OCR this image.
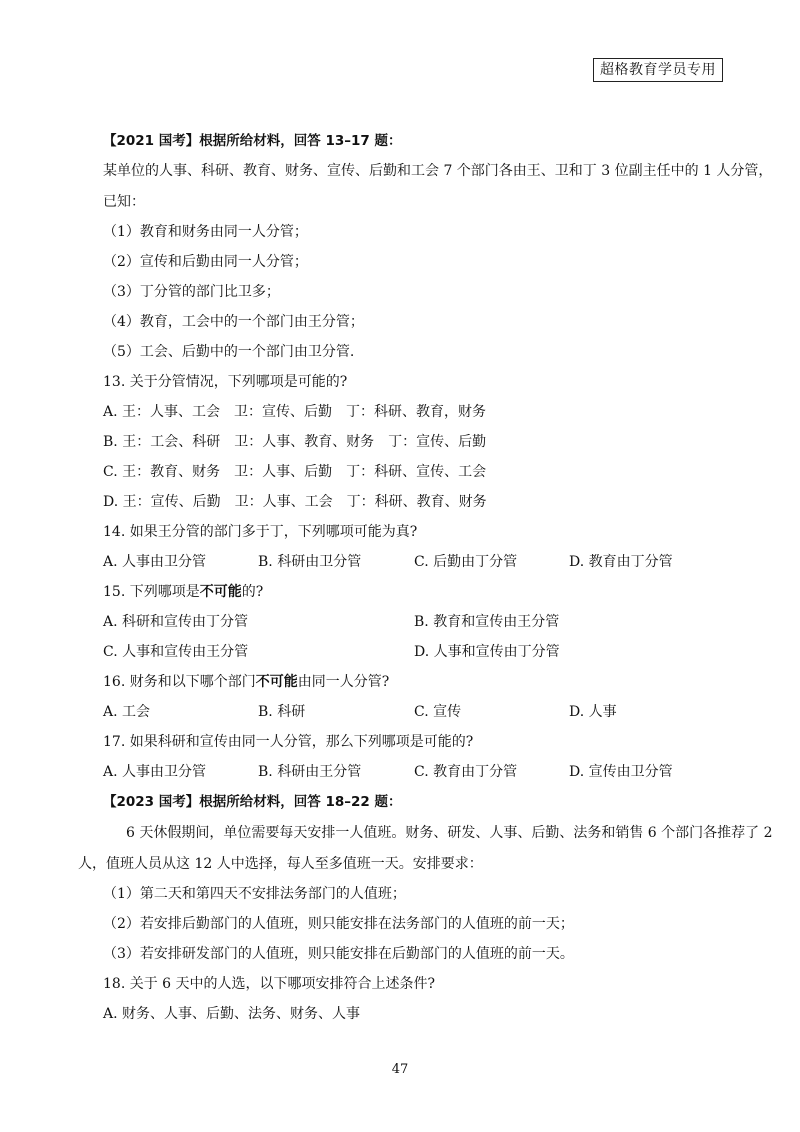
超格教育学员专用
【2021 国考】根据所给材料，回答 13–17 题：
某单位的人事、科研、教育、财务、宣传、后勤和工会 7 个部门各由王、卫和丁 3 位副主任中的 1 人分管，
已知：
（1）教育和财务由同一人分管；
（2）宣传和后勤由同一人分管；
（3）丁分管的部门比卫多；
（4）教育，工会中的一个部门由王分管；
（5）工会、后勤中的一个部门由卫分管.
13. 关于分管情况，下列哪项是可能的?
A. 王：人事、工会　卫：宣传、后勤　丁：科研、教育，财务
B. 王：工会、科研　卫：人事、教育、财务　丁：宣传、后勤
C. 王：教育、财务　卫：人事、后勤　丁：科研、宣传、工会
D. 王：宣传、后勤　卫：人事、工会　丁：科研、教育、财务
14. 如果王分管的部门多于丁，下列哪项可能为真?
A. 人事由卫分管	B. 科研由卫分管	C. 后勤由丁分管	D. 教育由丁分管
15. 下列哪项是不可能的?
A. 科研和宣传由丁分管	B. 教育和宣传由王分管
C. 人事和宣传由王分管	D. 人事和宣传由丁分管
16. 财务和以下哪个部门不可能由同一人分管?
A. 工会	B. 科研	C. 宣传	D. 人事
17. 如果科研和宣传由同一人分管，那么下列哪项是可能的?
A. 人事由卫分管	B. 科研由王分管	C. 教育由丁分管	D. 宣传由卫分管
【2023 国考】根据所给材料，回答 18–22 题：
6 天休假期间，单位需要每天安排一人值班。财务、研发、人事、后勤、法务和销售 6 个部门各推荐了 2
人，值班人员从这 12 人中选择，每人至多值班一天。安排要求：
（1）第二天和第四天不安排法务部门的人值班；
（2）若安排后勤部门的人值班，则只能安排在法务部门的人值班的前一天；
（3）若安排研发部门的人值班，则只能安排在后勤部门的人值班的前一天。
18. 关于 6 天中的人选，以下哪项安排符合上述条件?
A. 财务、人事、后勤、法务、财务、人事
47
